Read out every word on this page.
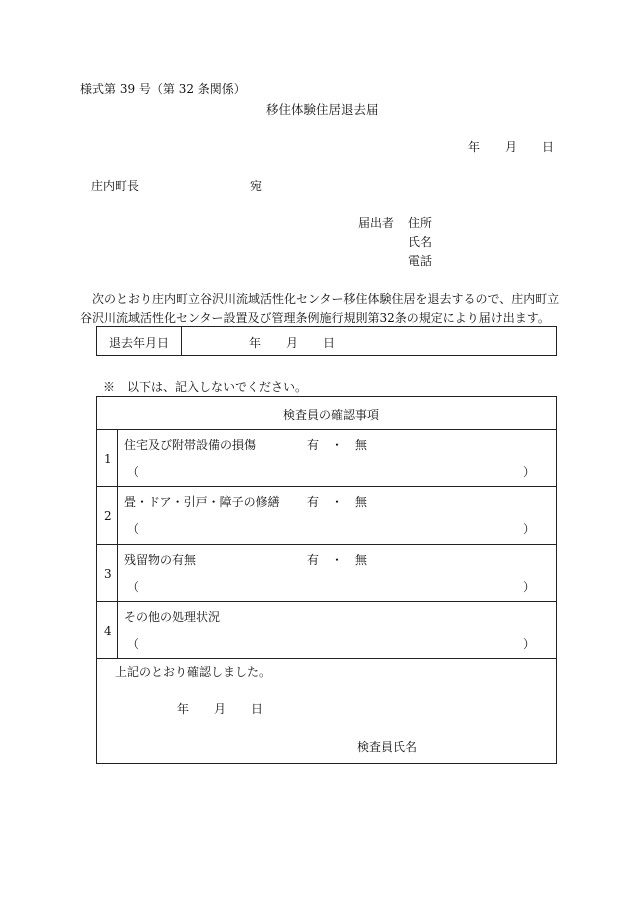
様式第 39 号（第 32 条関係）
移住体験住居退去届
年 月 日
庄内町長	宛
届出者 住所
氏名
電話
次のとおり庄内町立谷沢川流域活性化センター移住体験住居を退去するので、庄内町立
谷沢川流域活性化センター設置及び管理条例施行規則第32条の規定により届け出ます。
退去年月日	年 月 日
※　以下は、記入しないでください。
検査員の確認事項
1
住宅及び附帯設備の損傷	有 ・ 無
（	）
2
畳・ドア・引戸・障子の修繕 有 ・ 無
（	）
3
残留物の有無	有 ・ 無
（	）
4
その他の処理状況
（	）
上記のとおり確認しました。
年 月 日
検査員氏名
